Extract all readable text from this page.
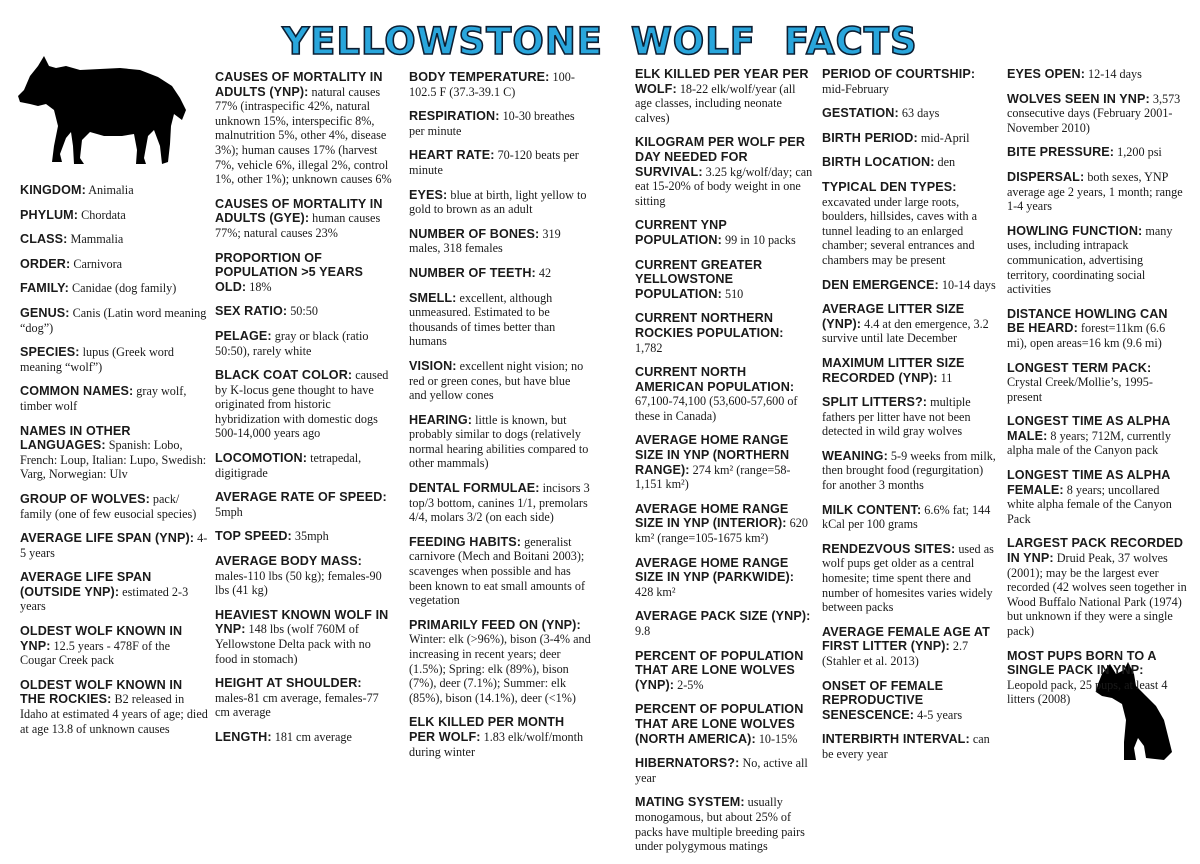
YELLOWSTONE WOLF FACTS
KINGDOM: Animalia
PHYLUM: Chordata
CLASS: Mammalia
ORDER: Carnivora
FAMILY: Canidae (dog family)
GENUS: Canis (Latin word meaning “dog”)
SPECIES: lupus (Greek word meaning “wolf”)
COMMON NAMES: gray wolf, timber wolf
NAMES IN OTHER LANGUAGES: Spanish: Lobo, French: Loup, Italian: Lupo, Swedish: Varg, Norwegian: Ulv
GROUP OF WOLVES: pack/ family (one of few eusocial species)
AVERAGE LIFE SPAN (YNP): 4-5 years
AVERAGE LIFE SPAN (OUTSIDE YNP): estimated 2-3 years
OLDEST WOLF KNOWN IN YNP: 12.5 years - 478F of the Cougar Creek pack
OLDEST WOLF KNOWN IN THE ROCKIES: B2 released in Idaho at estimated 4 years of age; died at age 13.8 of unknown causes
CAUSES OF MORTALITY IN ADULTS (YNP): natural causes 77% (intraspecific 42%, natural unknown 15%, interspecific 8%, malnutrition 5%, other 4%, disease 3%); human causes 17% (harvest 7%, vehicle 6%, illegal 2%, control 1%, other 1%); unknown causes 6%
CAUSES OF MORTALITY IN ADULTS (GYE): human causes 77%; natural causes 23%
PROPORTION OF POPULATION >5 YEARS OLD: 18%
SEX RATIO: 50:50
PELAGE: gray or black (ratio 50:50), rarely white
BLACK COAT COLOR: caused by K-locus gene thought to have originated from historic hybridization with domestic dogs 500-14,000 years ago
LOCOMOTION: tetrapedal, digitigrade
AVERAGE RATE OF SPEED: 5mph
TOP SPEED: 35mph
AVERAGE BODY MASS: males-110 lbs (50 kg); females-90 lbs (41 kg)
HEAVIEST KNOWN WOLF IN YNP: 148 lbs (wolf 760M of Yellowstone Delta pack with no food in stomach)
HEIGHT AT SHOULDER: males-81 cm average, females-77 cm average
LENGTH: 181 cm average
BODY TEMPERATURE: 100-102.5 F (37.3-39.1 C)
RESPIRATION: 10-30 breathes per minute
HEART RATE: 70-120 beats per minute
EYES: blue at birth, light yellow to gold to brown as an adult
NUMBER OF BONES: 319 males, 318 females
NUMBER OF TEETH: 42
SMELL: excellent, although unmeasured. Estimated to be thousands of times better than humans
VISION: excellent night vision; no red or green cones, but have blue and yellow cones
HEARING: little is known, but probably similar to dogs (relatively normal hearing abilities compared to other mammals)
DENTAL FORMULAE: incisors 3 top/3 bottom, canines 1/1, premolars 4/4, molars 3/2 (on each side)
FEEDING HABITS: generalist carnivore (Mech and Boitani 2003); scavenges when possible and has been known to eat small amounts of vegetation
PRIMARILY FEED ON (YNP): Winter: elk (>96%), bison (3-4% and increasing in recent years; deer (1.5%); Spring: elk (89%), bison (7%), deer (7.1%); Summer: elk (85%), bison (14.1%), deer (<1%)
ELK KILLED PER MONTH PER WOLF: 1.83 elk/wolf/month during winter
ELK KILLED PER YEAR PER WOLF: 18-22 elk/wolf/year (all age classes, including neonate calves)
KILOGRAM PER WOLF PER DAY NEEDED FOR SURVIVAL: 3.25 kg/wolf/day; can eat 15-20% of body weight in one sitting
CURRENT YNP POPULATION: 99 in 10 packs
CURRENT GREATER YELLOWSTONE POPULATION: 510
CURRENT NORTHERN ROCKIES POPULATION: 1,782
CURRENT NORTH AMERICAN POPULATION: 67,100-74,100 (53,600-57,600 of these in Canada)
AVERAGE HOME RANGE SIZE IN YNP (NORTHERN RANGE): 274 km² (range=58-1,151 km²)
AVERAGE HOME RANGE SIZE IN YNP (INTERIOR): 620 km² (range=105-1675 km²)
AVERAGE HOME RANGE SIZE IN YNP (PARKWIDE): 428 km²
AVERAGE PACK SIZE (YNP): 9.8
PERCENT OF POPULATION THAT ARE LONE WOLVES (YNP): 2-5%
PERCENT OF POPULATION THAT ARE LONE WOLVES (NORTH AMERICA): 10-15%
HIBERNATORS?: No, active all year
MATING SYSTEM: usually monogamous, but about 25% of packs have multiple breeding pairs under polygymous matings
PERIOD OF COURTSHIP: mid-February
GESTATION: 63 days
BIRTH PERIOD: mid-April
BIRTH LOCATION: den
TYPICAL DEN TYPES: excavated under large roots, boulders, hillsides, caves with a tunnel leading to an enlarged chamber; several entrances and chambers may be present
DEN EMERGENCE: 10-14 days
AVERAGE LITTER SIZE (YNP): 4.4 at den emergence, 3.2 survive until late December
MAXIMUM LITTER SIZE RECORDED (YNP): 11
SPLIT LITTERS?: multiple fathers per litter have not been detected in wild gray wolves
WEANING: 5-9 weeks from milk, then brought food (regurgitation) for another 3 months
MILK CONTENT: 6.6% fat; 144 kCal per 100 grams
RENDEZVOUS SITES: used as wolf pups get older as a central homesite; time spent there and number of homesites varies widely between packs
AVERAGE FEMALE AGE AT FIRST LITTER (YNP): 2.7 (Stahler et al. 2013)
ONSET OF FEMALE REPRODUCTIVE SENESCENCE: 4-5 years
INTERBIRTH INTERVAL: can be every year
EYES OPEN: 12-14 days
WOLVES SEEN IN YNP: 3,573 consecutive days (February 2001-November 2010)
BITE PRESSURE: 1,200 psi
DISPERSAL: both sexes, YNP average age 2 years, 1 month; range 1-4 years
HOWLING FUNCTION: many uses, including intrapack communication, advertising territory, coordinating social activities
DISTANCE HOWLING CAN BE HEARD: forest=11km (6.6 mi), open areas=16 km (9.6 mi)
LONGEST TERM PACK: Crystal Creek/Mollie’s, 1995-present
LONGEST TIME AS ALPHA MALE: 8 years; 712M, currently alpha male of the Canyon pack
LONGEST TIME AS ALPHA FEMALE: 8 years; uncollared white alpha female of the Canyon Pack
LARGEST PACK RECORDED IN YNP: Druid Peak, 37 wolves (2001); may be the largest ever recorded (42 wolves seen together in Wood Buffalo National Park (1974) but unknown if they were a single pack)
MOST PUPS BORN TO A SINGLE PACK IN YNP: Leopold pack, 25 pups, at least 4 litters (2008)
